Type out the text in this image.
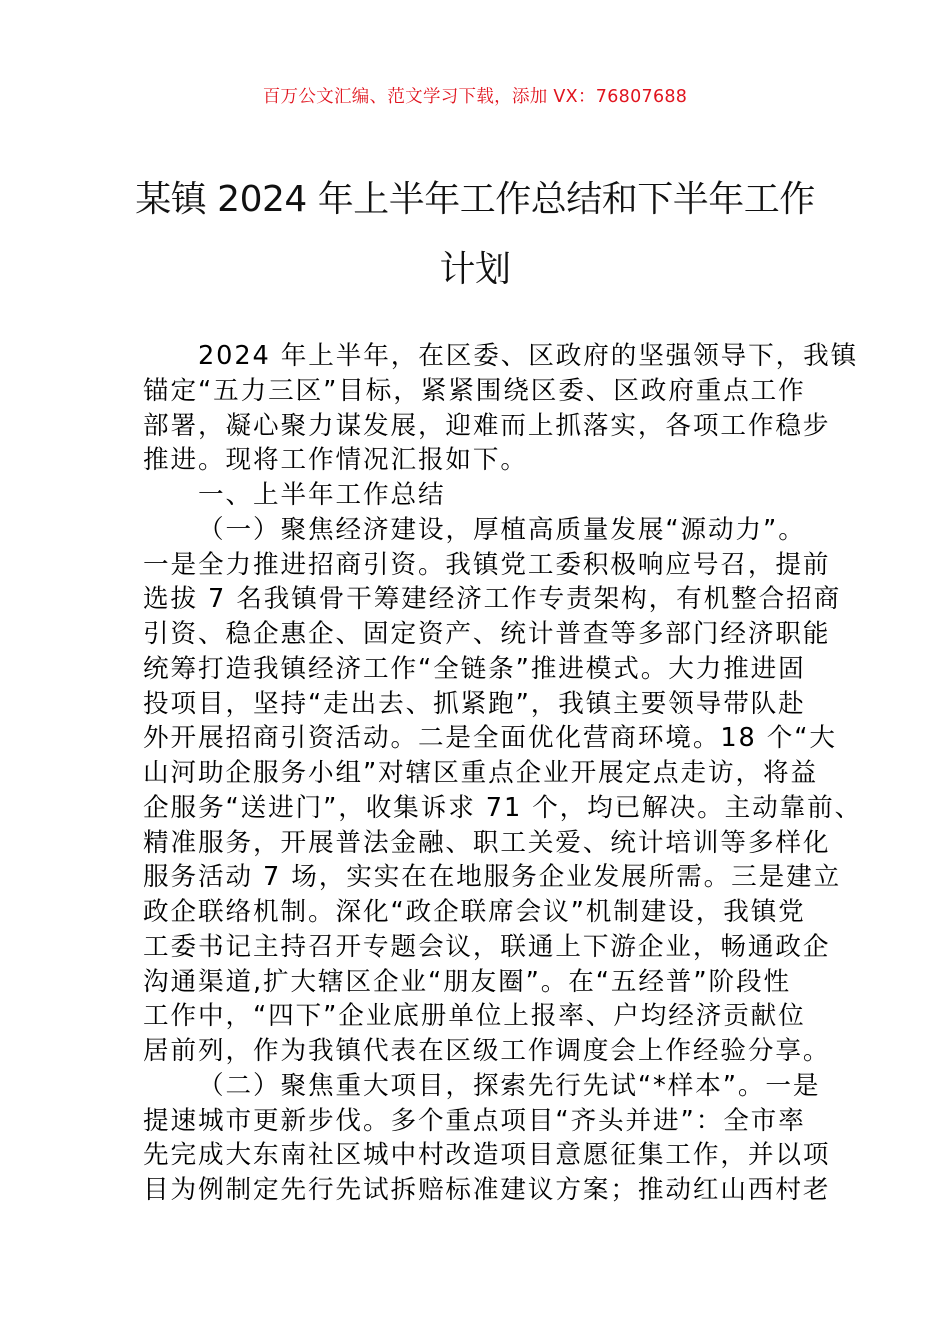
百万公文汇编、范文学习下载，添加 VX：76807688
某镇 2024 年上半年工作总结和下半年工作
计划
2024 年上半年，在区委、区政府的坚强领导下，我镇
锚定“五力三区”目标，紧紧围绕区委、区政府重点工作
部署，凝心聚力谋发展，迎难而上抓落实，各项工作稳步
推进。现将工作情况汇报如下。
一、上半年工作总结
（一）聚焦经济建设，厚植高质量发展“源动力”。
一是全力推进招商引资。我镇党工委积极响应号召，提前
选拔 7 名我镇骨干筹建经济工作专责架构，有机整合招商
引资、稳企惠企、固定资产、统计普查等多部门经济职能
统筹打造我镇经济工作“全链条”推进模式。大力推进固
投项目，坚持“走出去、抓紧跑”，我镇主要领导带队赴
外开展招商引资活动。二是全面优化营商环境。18 个“大
山河助企服务小组”对辖区重点企业开展定点走访，将益
企服务“送进门”，收集诉求 71 个，均已解决。主动靠前、
精准服务，开展普法金融、职工关爱、统计培训等多样化
服务活动 7 场，实实在在地服务企业发展所需。三是建立
政企联络机制。深化“政企联席会议”机制建设，我镇党
工委书记主持召开专题会议，联通上下游企业，畅通政企
沟通渠道,扩大辖区企业“朋友圈”。在“五经普”阶段性
工作中，“四下”企业底册单位上报率、户均经济贡献位
居前列，作为我镇代表在区级工作调度会上作经验分享。
（二）聚焦重大项目，探索先行先试“*样本”。一是
提速城市更新步伐。多个重点项目“齐头并进”：全市率
先完成大东南社区城中村改造项目意愿征集工作，并以项
目为例制定先行先试拆赔标准建议方案；推动红山西村老
